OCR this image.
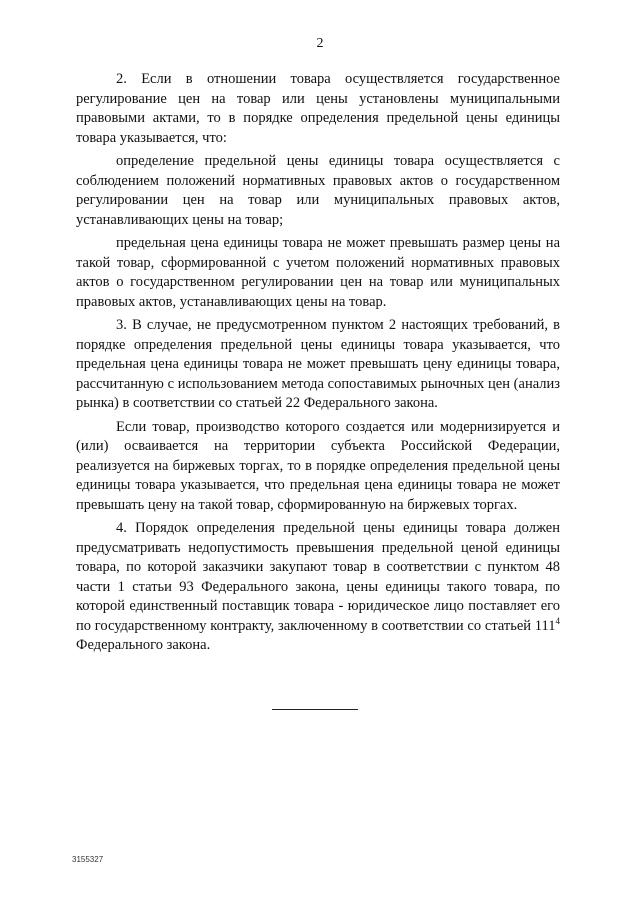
2

2. Если в отношении товара осуществляется государственное регулирование цен на товар или цены установлены муниципальными правовыми актами, то в порядке определения предельной цены единицы товара указывается, что:

определение предельной цены единицы товара осуществляется с соблюдением положений нормативных правовых актов о государственном регулировании цен на товар или муниципальных правовых актов, устанавливающих цены на товар;

предельная цена единицы товара не может превышать размер цены на такой товар, сформированной с учетом положений нормативных правовых актов о государственном регулировании цен на товар или муниципальных правовых актов, устанавливающих цены на товар.

3. В случае, не предусмотренном пунктом 2 настоящих требований, в порядке определения предельной цены единицы товара указывается, что предельная цена единицы товара не может превышать цену единицы товара, рассчитанную с использованием метода сопоставимых рыночных цен (анализ рынка) в соответствии со статьей 22 Федерального закона.

Если товар, производство которого создается или модернизируется и (или) осваивается на территории субъекта Российской Федерации, реализуется на биржевых торгах, то в порядке определения предельной цены единицы товара указывается, что предельная цена единицы товара не может превышать цену на такой товар, сформированную на биржевых торгах.

4. Порядок определения предельной цены единицы товара должен предусматривать недопустимость превышения предельной ценой единицы товара, по которой заказчики закупают товар в соответствии с пунктом 48 части 1 статьи 93 Федерального закона, цены единицы такого товара, по которой единственный поставщик товара - юридическое лицо поставляет его по государственному контракту, заключенному в соответствии со статьей $111^4$ Федерального закона.

3155327
